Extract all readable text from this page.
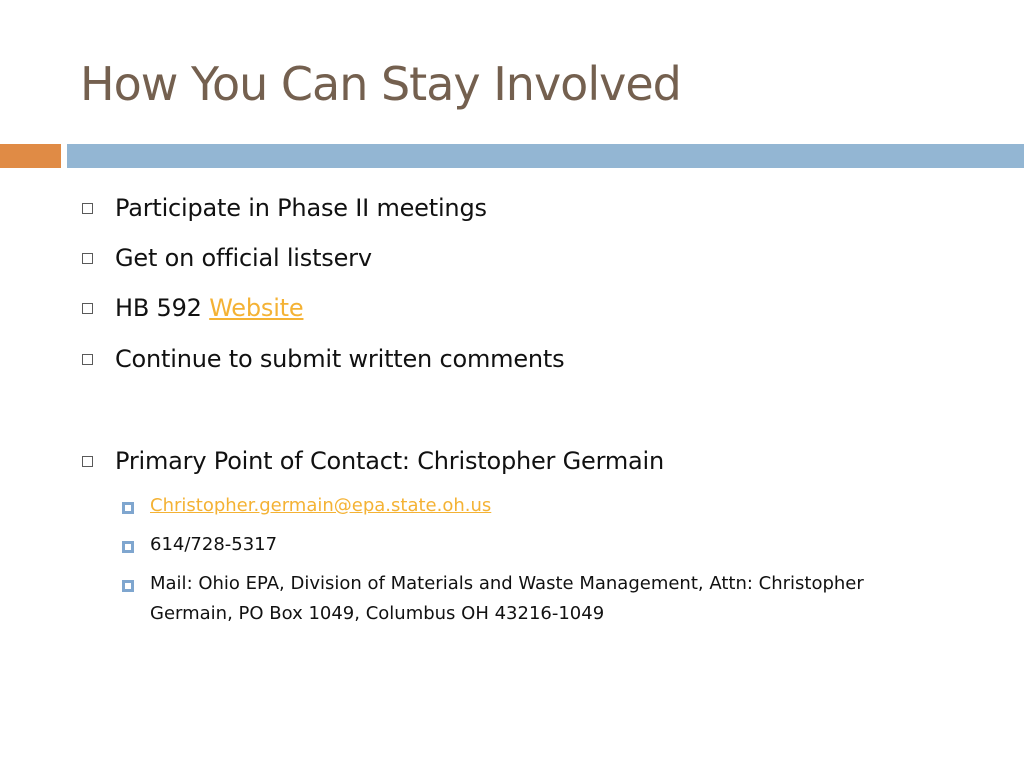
How You Can Stay Involved
Participate in Phase II meetings
Get on official listserv
HB 592 Website
Continue to submit written comments
Primary Point of Contact: Christopher Germain
Christopher.germain@epa.state.oh.us
614/728-5317
Mail: Ohio EPA, Division of Materials and Waste Management, Attn: Christopher Germain, PO Box 1049, Columbus OH 43216-1049
